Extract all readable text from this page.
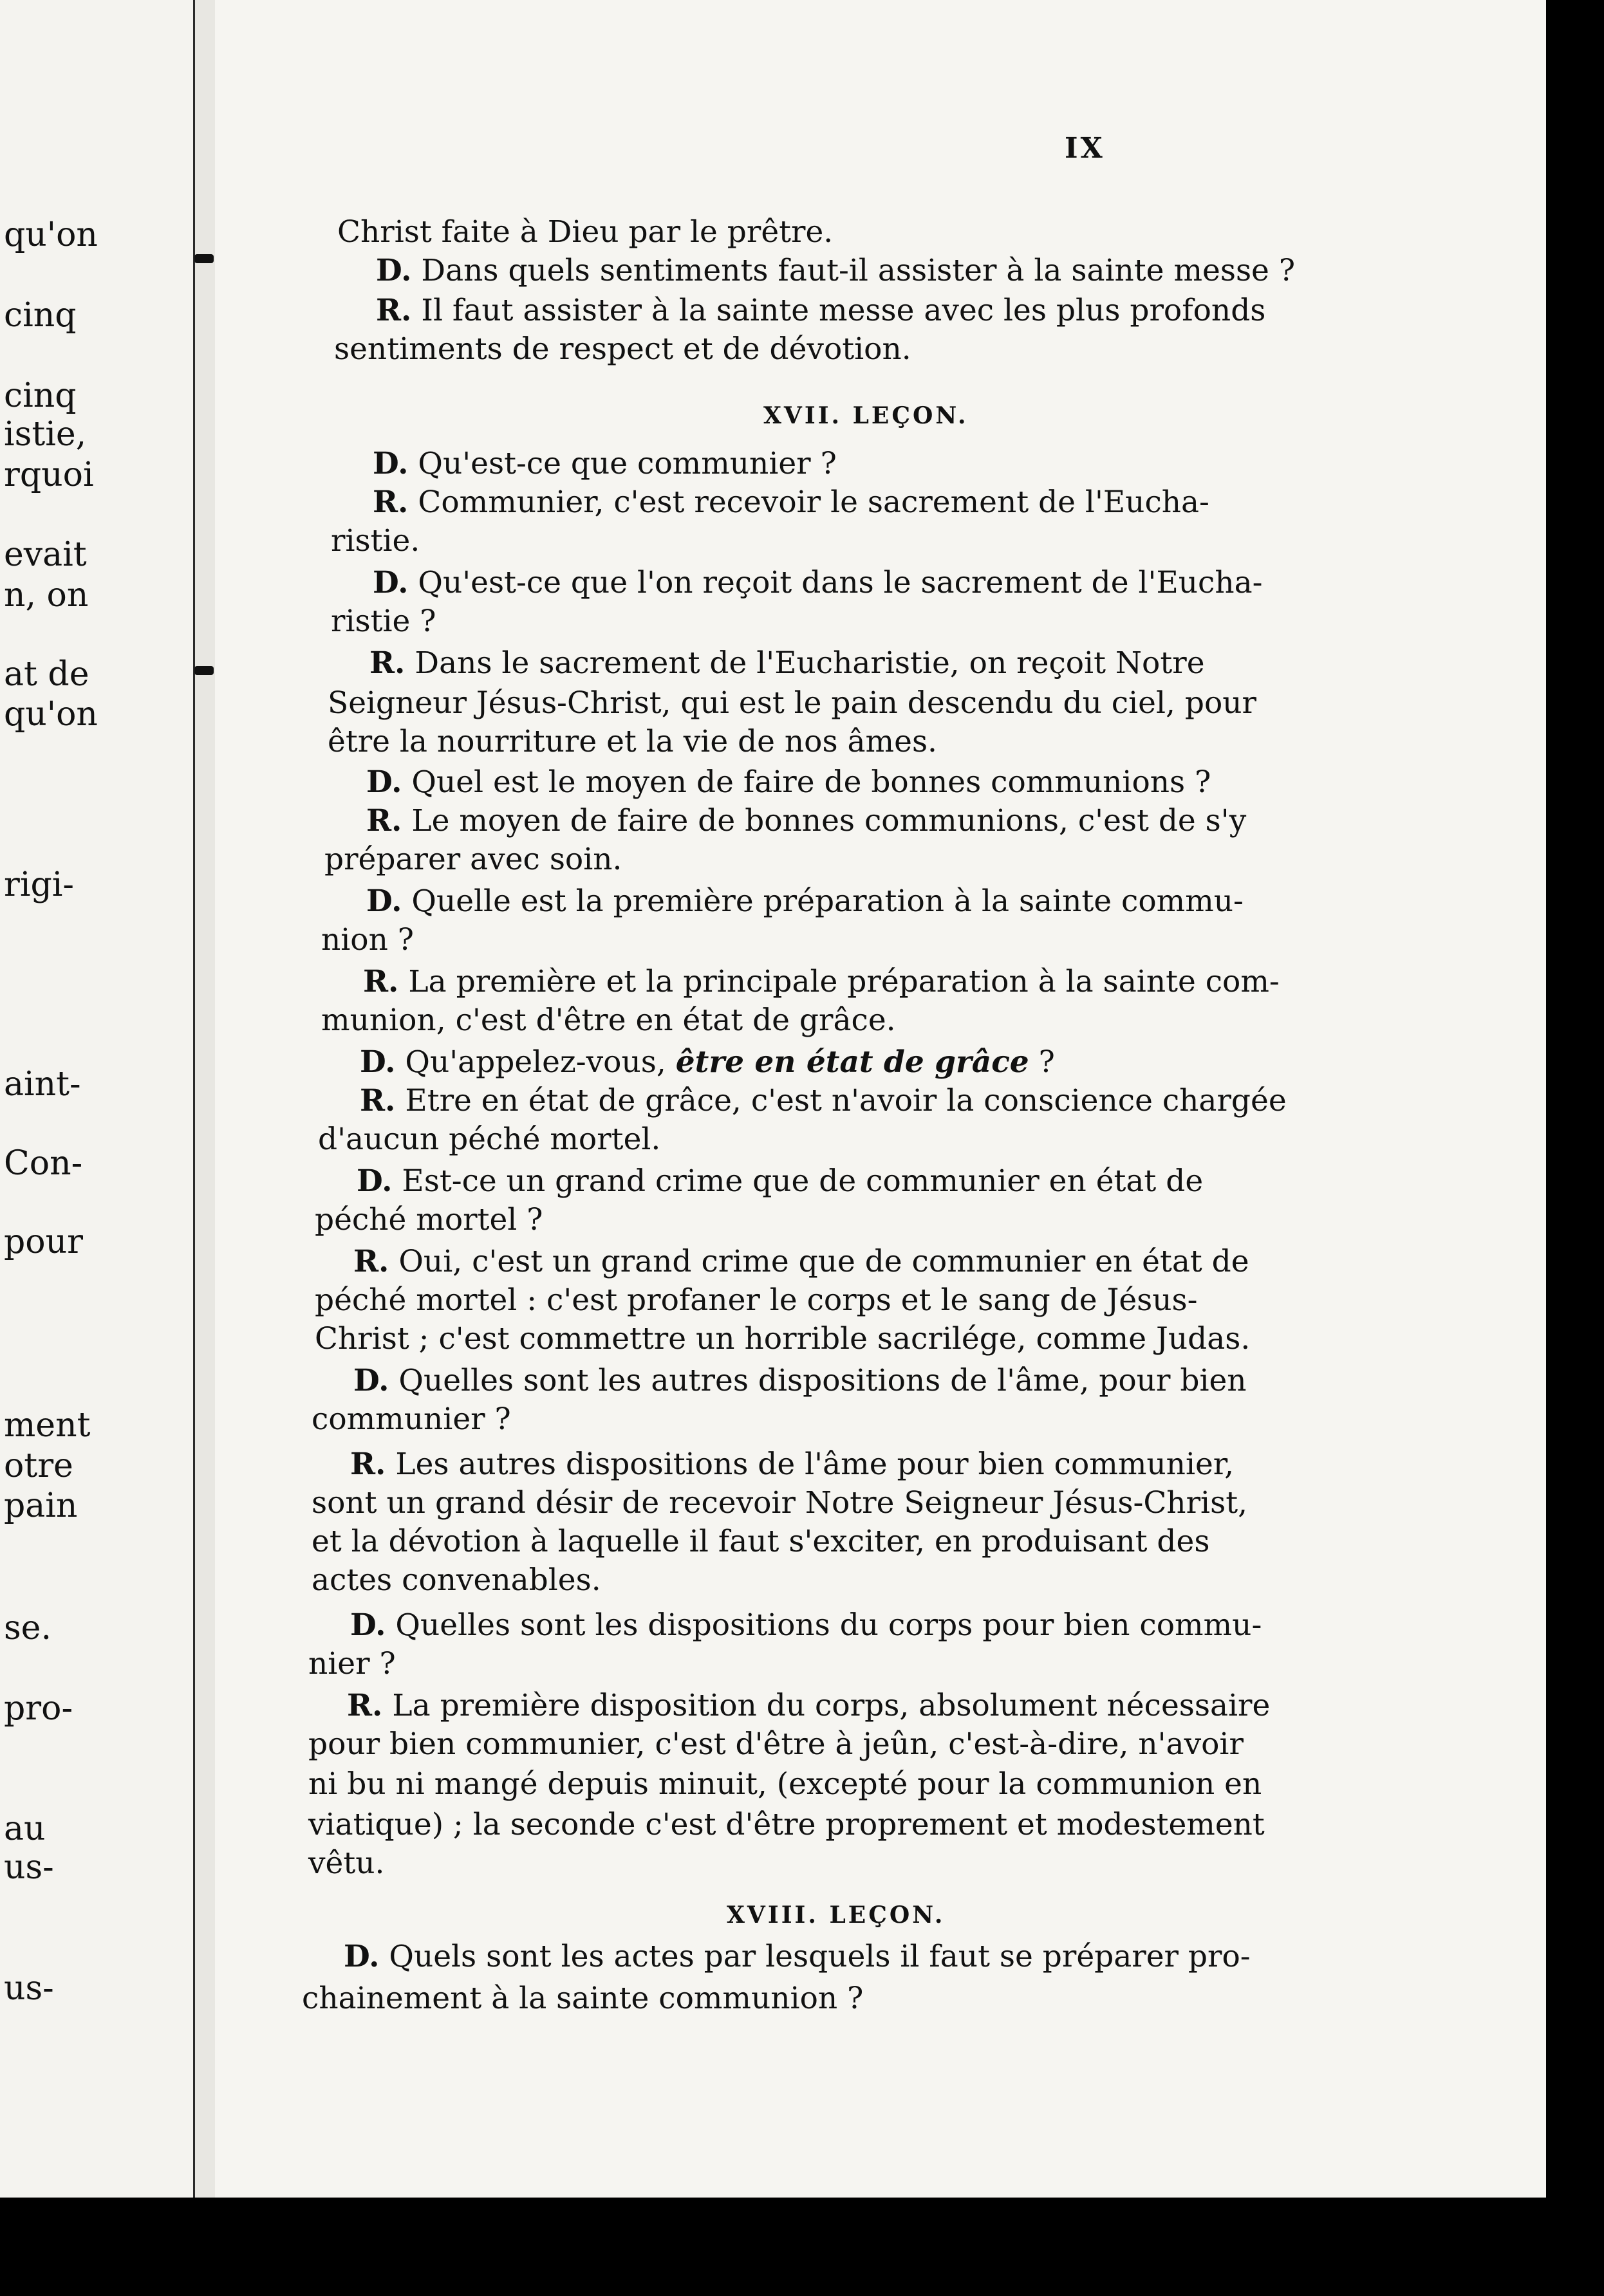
qu'on
cinq
cinq
istie,
rquoi
evait
n, on
at de
qu'on
rigi-
aint-
Con-
pour
ment
otre
pain
se.
pro-
au
us-
us-
IX
Christ faite à Dieu par le prêtre.
D. Dans quels sentiments faut-il assister à la sainte messe ?
R. Il faut assister à la sainte messe avec les plus profonds
sentiments de respect et de dévotion.
XVII. LEÇON.
D. Qu'est-ce que communier ?
R. Communier, c'est recevoir le sacrement de l'Eucha-
ristie.
D. Qu'est-ce que l'on reçoit dans le sacrement de l'Eucha-
ristie ?
R. Dans le sacrement de l'Eucharistie, on reçoit Notre
Seigneur Jésus-Christ, qui est le pain descendu du ciel, pour
être la nourriture et la vie de nos âmes.
D. Quel est le moyen de faire de bonnes communions ?
R. Le moyen de faire de bonnes communions, c'est de s'y
préparer avec soin.
D. Quelle est la première préparation à la sainte commu-
nion ?
R. La première et la principale préparation à la sainte com-
munion, c'est d'être en état de grâce.
D. Qu'appelez-vous, être en état de grâce ?
R. Etre en état de grâce, c'est n'avoir la conscience chargée
d'aucun péché mortel.
D. Est-ce un grand crime que de communier en état de
péché mortel ?
R. Oui, c'est un grand crime que de communier en état de
péché mortel : c'est profaner le corps et le sang de Jésus-
Christ ; c'est commettre un horrible sacrilége, comme Judas.
D. Quelles sont les autres dispositions de l'âme, pour bien
communier ?
R. Les autres dispositions de l'âme pour bien communier,
sont un grand désir de recevoir Notre Seigneur Jésus-Christ,
et la dévotion à laquelle il faut s'exciter, en produisant des
actes convenables.
D. Quelles sont les dispositions du corps pour bien commu-
nier ?
R. La première disposition du corps, absolument nécessaire
pour bien communier, c'est d'être à jeûn, c'est-à-dire, n'avoir
ni bu ni mangé depuis minuit, (excepté pour la communion en
viatique) ; la seconde c'est d'être proprement et modestement
vêtu.
XVIII. LEÇON.
D. Quels sont les actes par lesquels il faut se préparer pro-
chainement à la sainte communion ?
